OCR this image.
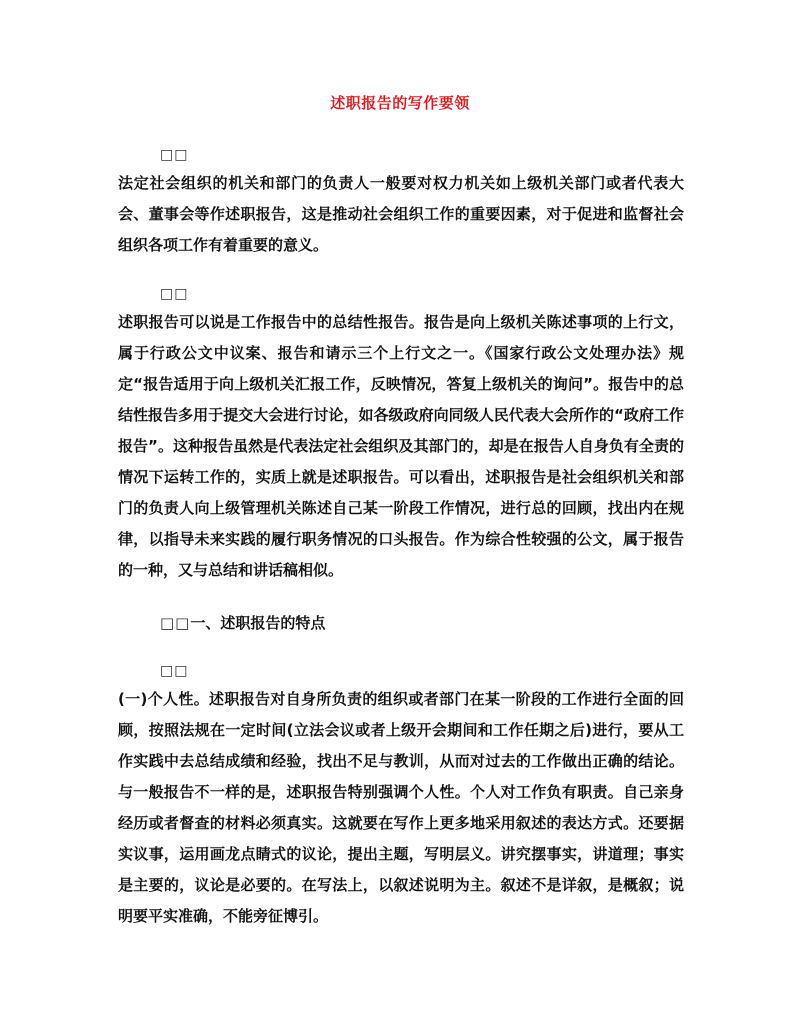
述职报告的写作要领
□□
法定社会组织的机关和部门的负责人一般要对权力机关如上级机关部门或者代表大会、董事会等作述职报告，这是推动社会组织工作的重要因素，对于促进和监督社会组织各项工作有着重要的意义。
□□
述职报告可以说是工作报告中的总结性报告。报告是向上级机关陈述事项的上行文，属于行政公文中议案、报告和请示三个上行文之一。《国家行政公文处理办法》规定“报告适用于向上级机关汇报工作，反映情况，答复上级机关的询问”。报告中的总结性报告多用于提交大会进行讨论，如各级政府向同级人民代表大会所作的“政府工作报告”。这种报告虽然是代表法定社会组织及其部门的，却是在报告人自身负有全责的情况下运转工作的，实质上就是述职报告。可以看出，述职报告是社会组织机关和部门的负责人向上级管理机关陈述自己某一阶段工作情况，进行总的回顾，找出内在规律，以指导未来实践的履行职务情况的口头报告。作为综合性较强的公文，属于报告的一种，又与总结和讲话稿相似。
□□一、述职报告的特点
□□
(一)个人性。述职报告对自身所负责的组织或者部门在某一阶段的工作进行全面的回顾，按照法规在一定时间(立法会议或者上级开会期间和工作任期之后)进行，要从工作实践中去总结成绩和经验，找出不足与教训，从而对过去的工作做出正确的结论。与一般报告不一样的是，述职报告特别强调个人性。个人对工作负有职责。自己亲身经历或者督查的材料必须真实。这就要在写作上更多地采用叙述的表达方式。还要据实议事，运用画龙点睛式的议论，提出主题，写明层义。讲究摆事实，讲道理；事实是主要的，议论是必要的。在写法上，以叙述说明为主。叙述不是详叙，是概叙；说明要平实准确，不能旁征博引。
